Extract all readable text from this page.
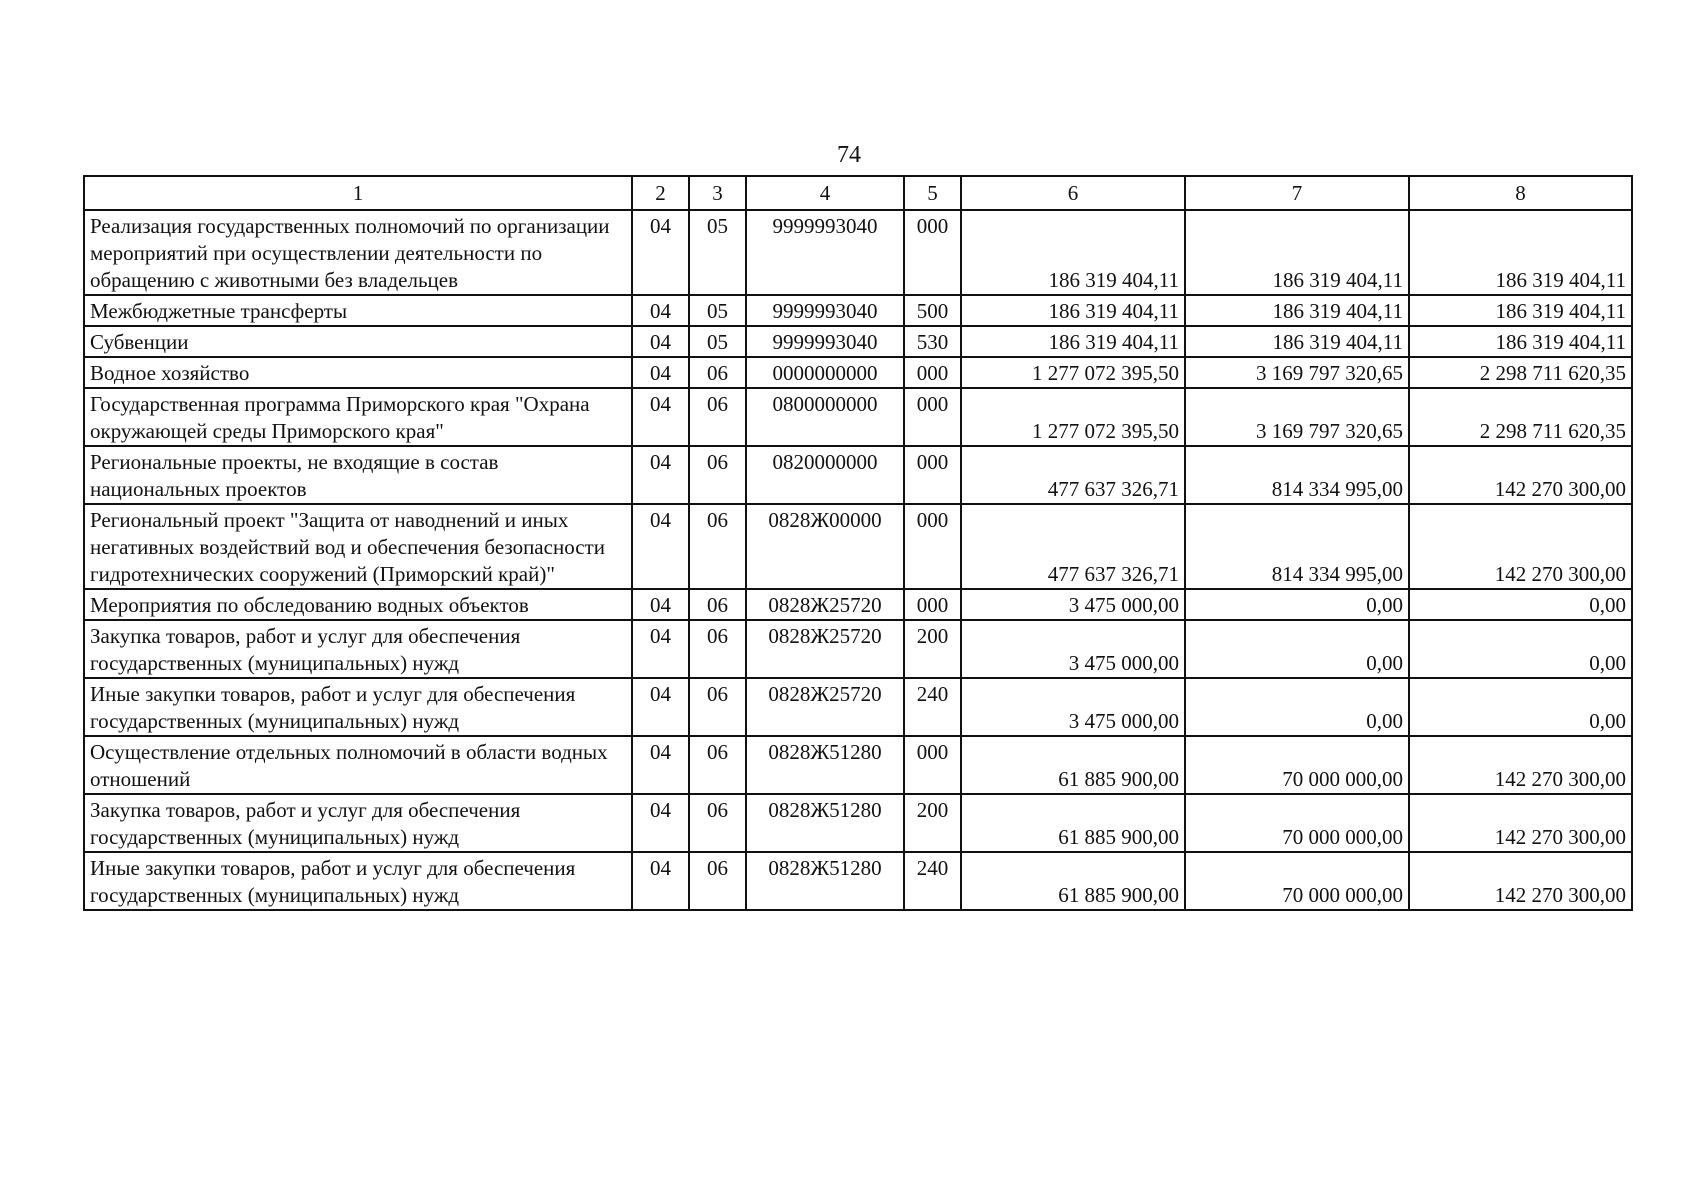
74
1	2	3	4	5	6	7	8
Реализация государственных полномочий по организации мероприятий при осуществлении деятельности по обращению с животными без владельцев	04	05	9999993040	000	186 319 404,11	186 319 404,11	186 319 404,11
Межбюджетные трансферты	04	05	9999993040	500	186 319 404,11	186 319 404,11	186 319 404,11
Субвенции	04	05	9999993040	530	186 319 404,11	186 319 404,11	186 319 404,11
Водное хозяйство	04	06	0000000000	000	1 277 072 395,50	3 169 797 320,65	2 298 711 620,35
Государственная программа Приморского края "Охрана окружающей среды Приморского края"	04	06	0800000000	000	1 277 072 395,50	3 169 797 320,65	2 298 711 620,35
Региональные проекты, не входящие в состав национальных проектов	04	06	0820000000	000	477 637 326,71	814 334 995,00	142 270 300,00
Региональный проект "Защита от наводнений и иных негативных воздействий вод и обеспечения безопасности гидротехнических сооружений (Приморский край)"	04	06	0828Ж00000	000	477 637 326,71	814 334 995,00	142 270 300,00
Мероприятия по обследованию водных объектов	04	06	0828Ж25720	000	3 475 000,00	0,00	0,00
Закупка товаров, работ и услуг для обеспечения государственных (муниципальных) нужд	04	06	0828Ж25720	200	3 475 000,00	0,00	0,00
Иные закупки товаров, работ и услуг для обеспечения государственных (муниципальных) нужд	04	06	0828Ж25720	240	3 475 000,00	0,00	0,00
Осуществление отдельных полномочий в области водных отношений	04	06	0828Ж51280	000	61 885 900,00	70 000 000,00	142 270 300,00
Закупка товаров, работ и услуг для обеспечения государственных (муниципальных) нужд	04	06	0828Ж51280	200	61 885 900,00	70 000 000,00	142 270 300,00
Иные закупки товаров, работ и услуг для обеспечения государственных (муниципальных) нужд	04	06	0828Ж51280	240	61 885 900,00	70 000 000,00	142 270 300,00
